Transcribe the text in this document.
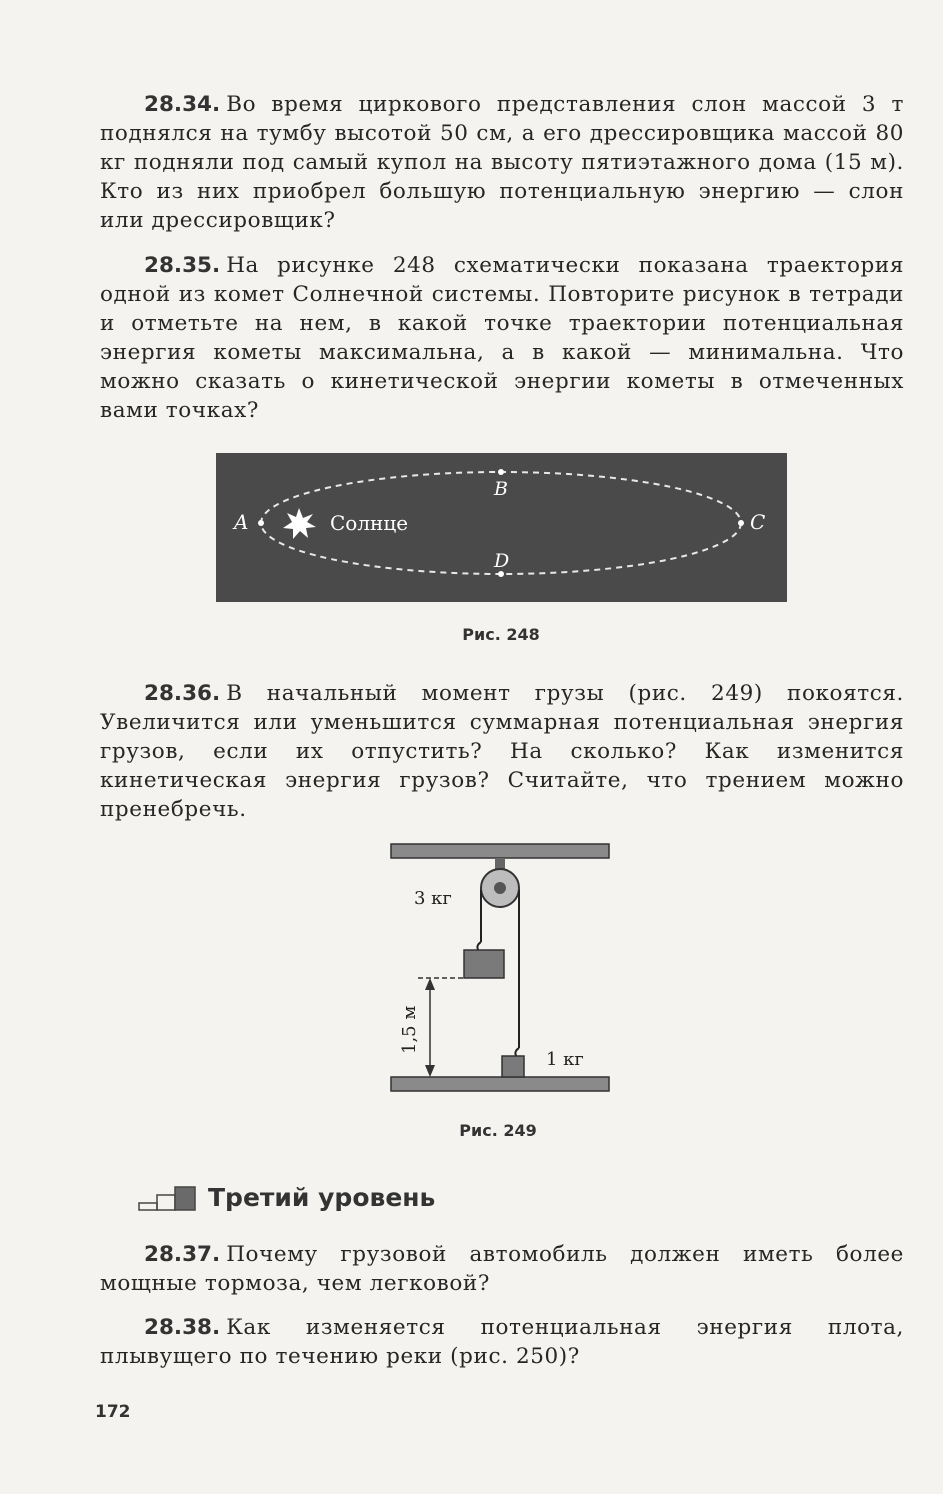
28.34. Во время циркового представления слон массой 3 т поднялся на тумбу высотой 50 см, а его дрессировщика массой 80 кг подняли под самый купол на высоту пятиэтажного дома (15 м). Кто из них приобрел большую потенциальную энергию — слон или дрессировщик?

28.35. На рисунке 248 схематически показана траектория одной из комет Солнечной системы. Повторите рисунок в тетради и отметьте на нем, в какой точке траектории потенциальная энергия кометы максимальна, а в какой — минимальна. Что можно сказать о кинетической энергии кометы в отмеченных вами точках?

Солнце
A
B
C
D
Рис. 248

28.36. В начальный момент грузы (рис. 249) покоятся. Увеличится или уменьшится суммарная потенциальная энергия грузов, если их отпустить? На сколько? Как изменится кинетическая энергия грузов? Считайте, что трением можно пренебречь.

3 кг
1 кг
1,5 м
Рис. 249
Третий уровень

28.37. Почему грузовой автомобиль должен иметь более мощные тормоза, чем легковой?

28.38. Как изменяется потенциальная энергия плота, плывущего по течению реки (рис. 250)?

172
